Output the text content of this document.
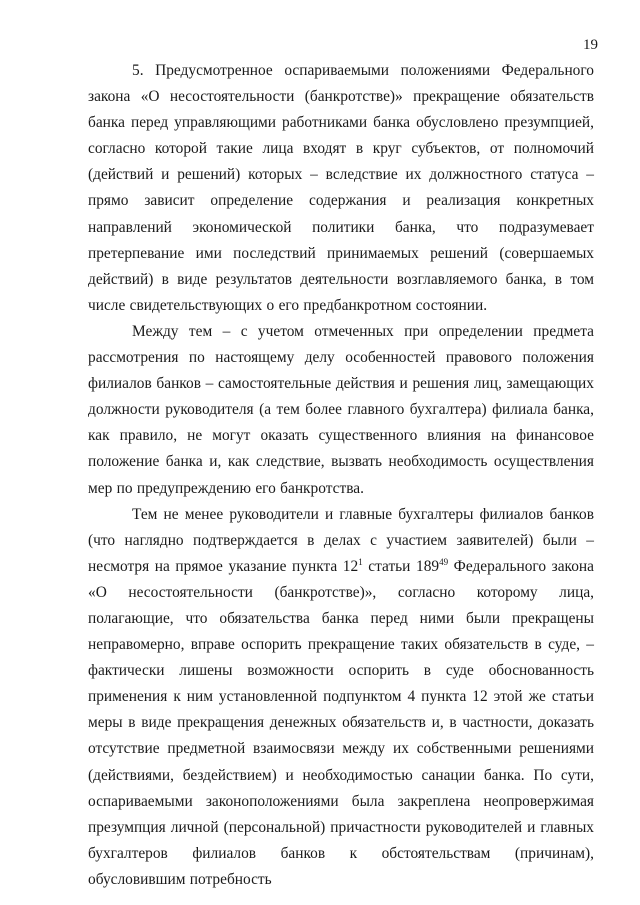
19

5. Предусмотренное оспариваемыми положениями Федерального закона «О несостоятельности (банкротстве)» прекращение обязательств банка перед управляющими работниками банка обусловлено презумпцией, согласно которой такие лица входят в круг субъектов, от полномочий (действий и решений) которых – вследствие их должностного статуса – прямо зависит определение содержания и реализация конкретных направлений экономической политики банка, что подразумевает претерпевание ими последствий принимаемых решений (совершаемых действий) в виде результатов деятельности возглавляемого банка, в том числе свидетельствующих о его предбанкротном состоянии.

Между тем – с учетом отмеченных при определении предмета рассмотрения по настоящему делу особенностей правового положения филиалов банков – самостоятельные действия и решения лиц, замещающих должности руководителя (а тем более главного бухгалтера) филиала банка, как правило, не могут оказать существенного влияния на финансовое положение банка и, как следствие, вызвать необходимость осуществления мер по предупреждению его банкротства.

Тем не менее руководители и главные бухгалтеры филиалов банков (что наглядно подтверждается в делах с участием заявителей) были – несмотря на прямое указание пункта $12^1$ статьи $189^{49}$ Федерального закона «О несостоятельности (банкротстве)», согласно которому лица, полагающие, что обязательства банка перед ними были прекращены неправомерно, вправе оспорить прекращение таких обязательств в суде, – фактически лишены возможности оспорить в суде обоснованность применения к ним установленной подпунктом 4 пункта 12 этой же статьи меры в виде прекращения денежных обязательств и, в частности, доказать отсутствие предметной взаимосвязи между их собственными решениями (действиями, бездействием) и необходимостью санации банка. По сути, оспариваемыми законоположениями была закреплена неопровержимая презумпция личной (персональной) причастности руководителей и главных бухгалтеров филиалов банков к обстоятельствам (причинам), обусловившим потребность
